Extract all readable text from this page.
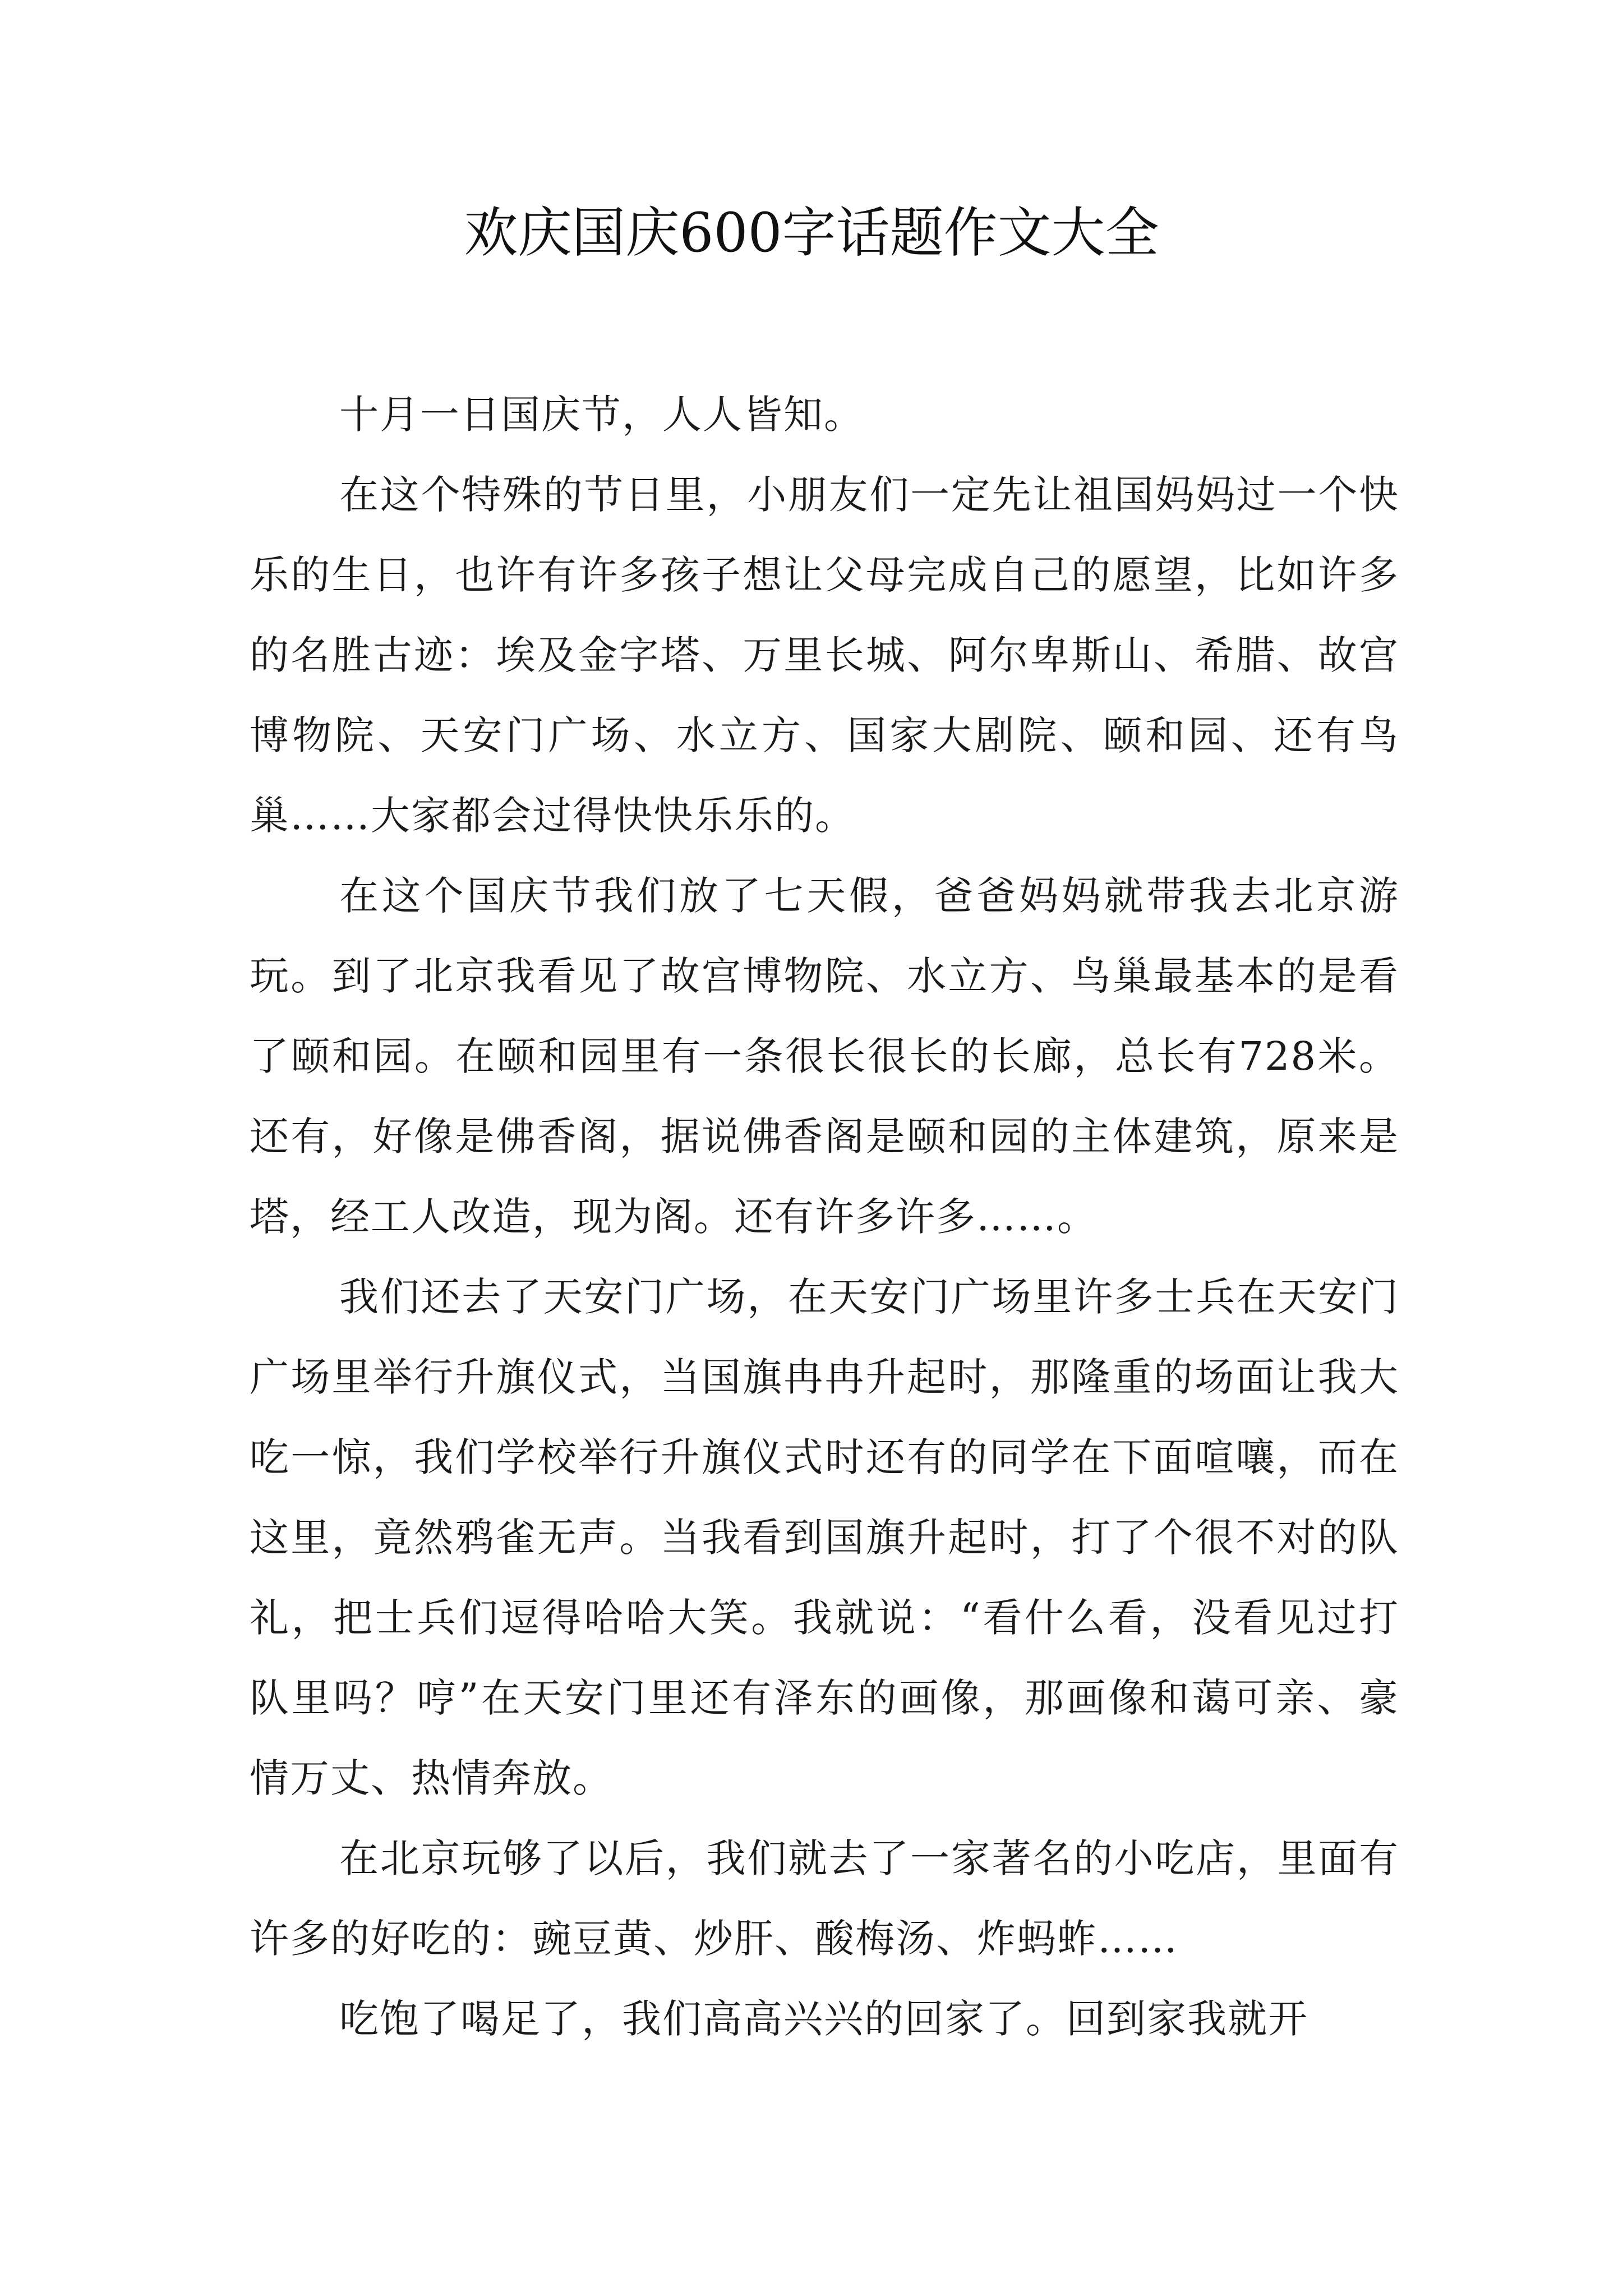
欢庆国庆600字话题作文大全

十月一日国庆节，人人皆知。

在这个特殊的节日里，小朋友们一定先让祖国妈妈过一个快乐的生日，也许有许多孩子想让父母完成自己的愿望，比如许多的名胜古迹：埃及金字塔、万里长城、阿尔卑斯山、希腊、故宫博物院、天安门广场、水立方、国家大剧院、颐和园、还有鸟巢……大家都会过得快快乐乐的。

在这个国庆节我们放了七天假，爸爸妈妈就带我去北京游玩。到了北京我看见了故宫博物院、水立方、鸟巢最基本的是看了颐和园。在颐和园里有一条很长很长的长廊，总长有728米。还有，好像是佛香阁，据说佛香阁是颐和园的主体建筑，原来是塔，经工人改造，现为阁。还有许多许多……。

我们还去了天安门广场，在天安门广场里许多士兵在天安门广场里举行升旗仪式，当国旗冉冉升起时，那隆重的场面让我大吃一惊，我们学校举行升旗仪式时还有的同学在下面喧嚷，而在这里，竟然鸦雀无声。当我看到国旗升起时，打了个很不对的队礼，把士兵们逗得哈哈大笑。我就说：“看什么看，没看见过打队里吗？哼”在天安门里还有泽东的画像，那画像和蔼可亲、豪情万丈、热情奔放。

在北京玩够了以后，我们就去了一家著名的小吃店，里面有许多的好吃的：豌豆黄、炒肝、酸梅汤、炸蚂蚱……

吃饱了喝足了，我们高高兴兴的回家了。回到家我就开
